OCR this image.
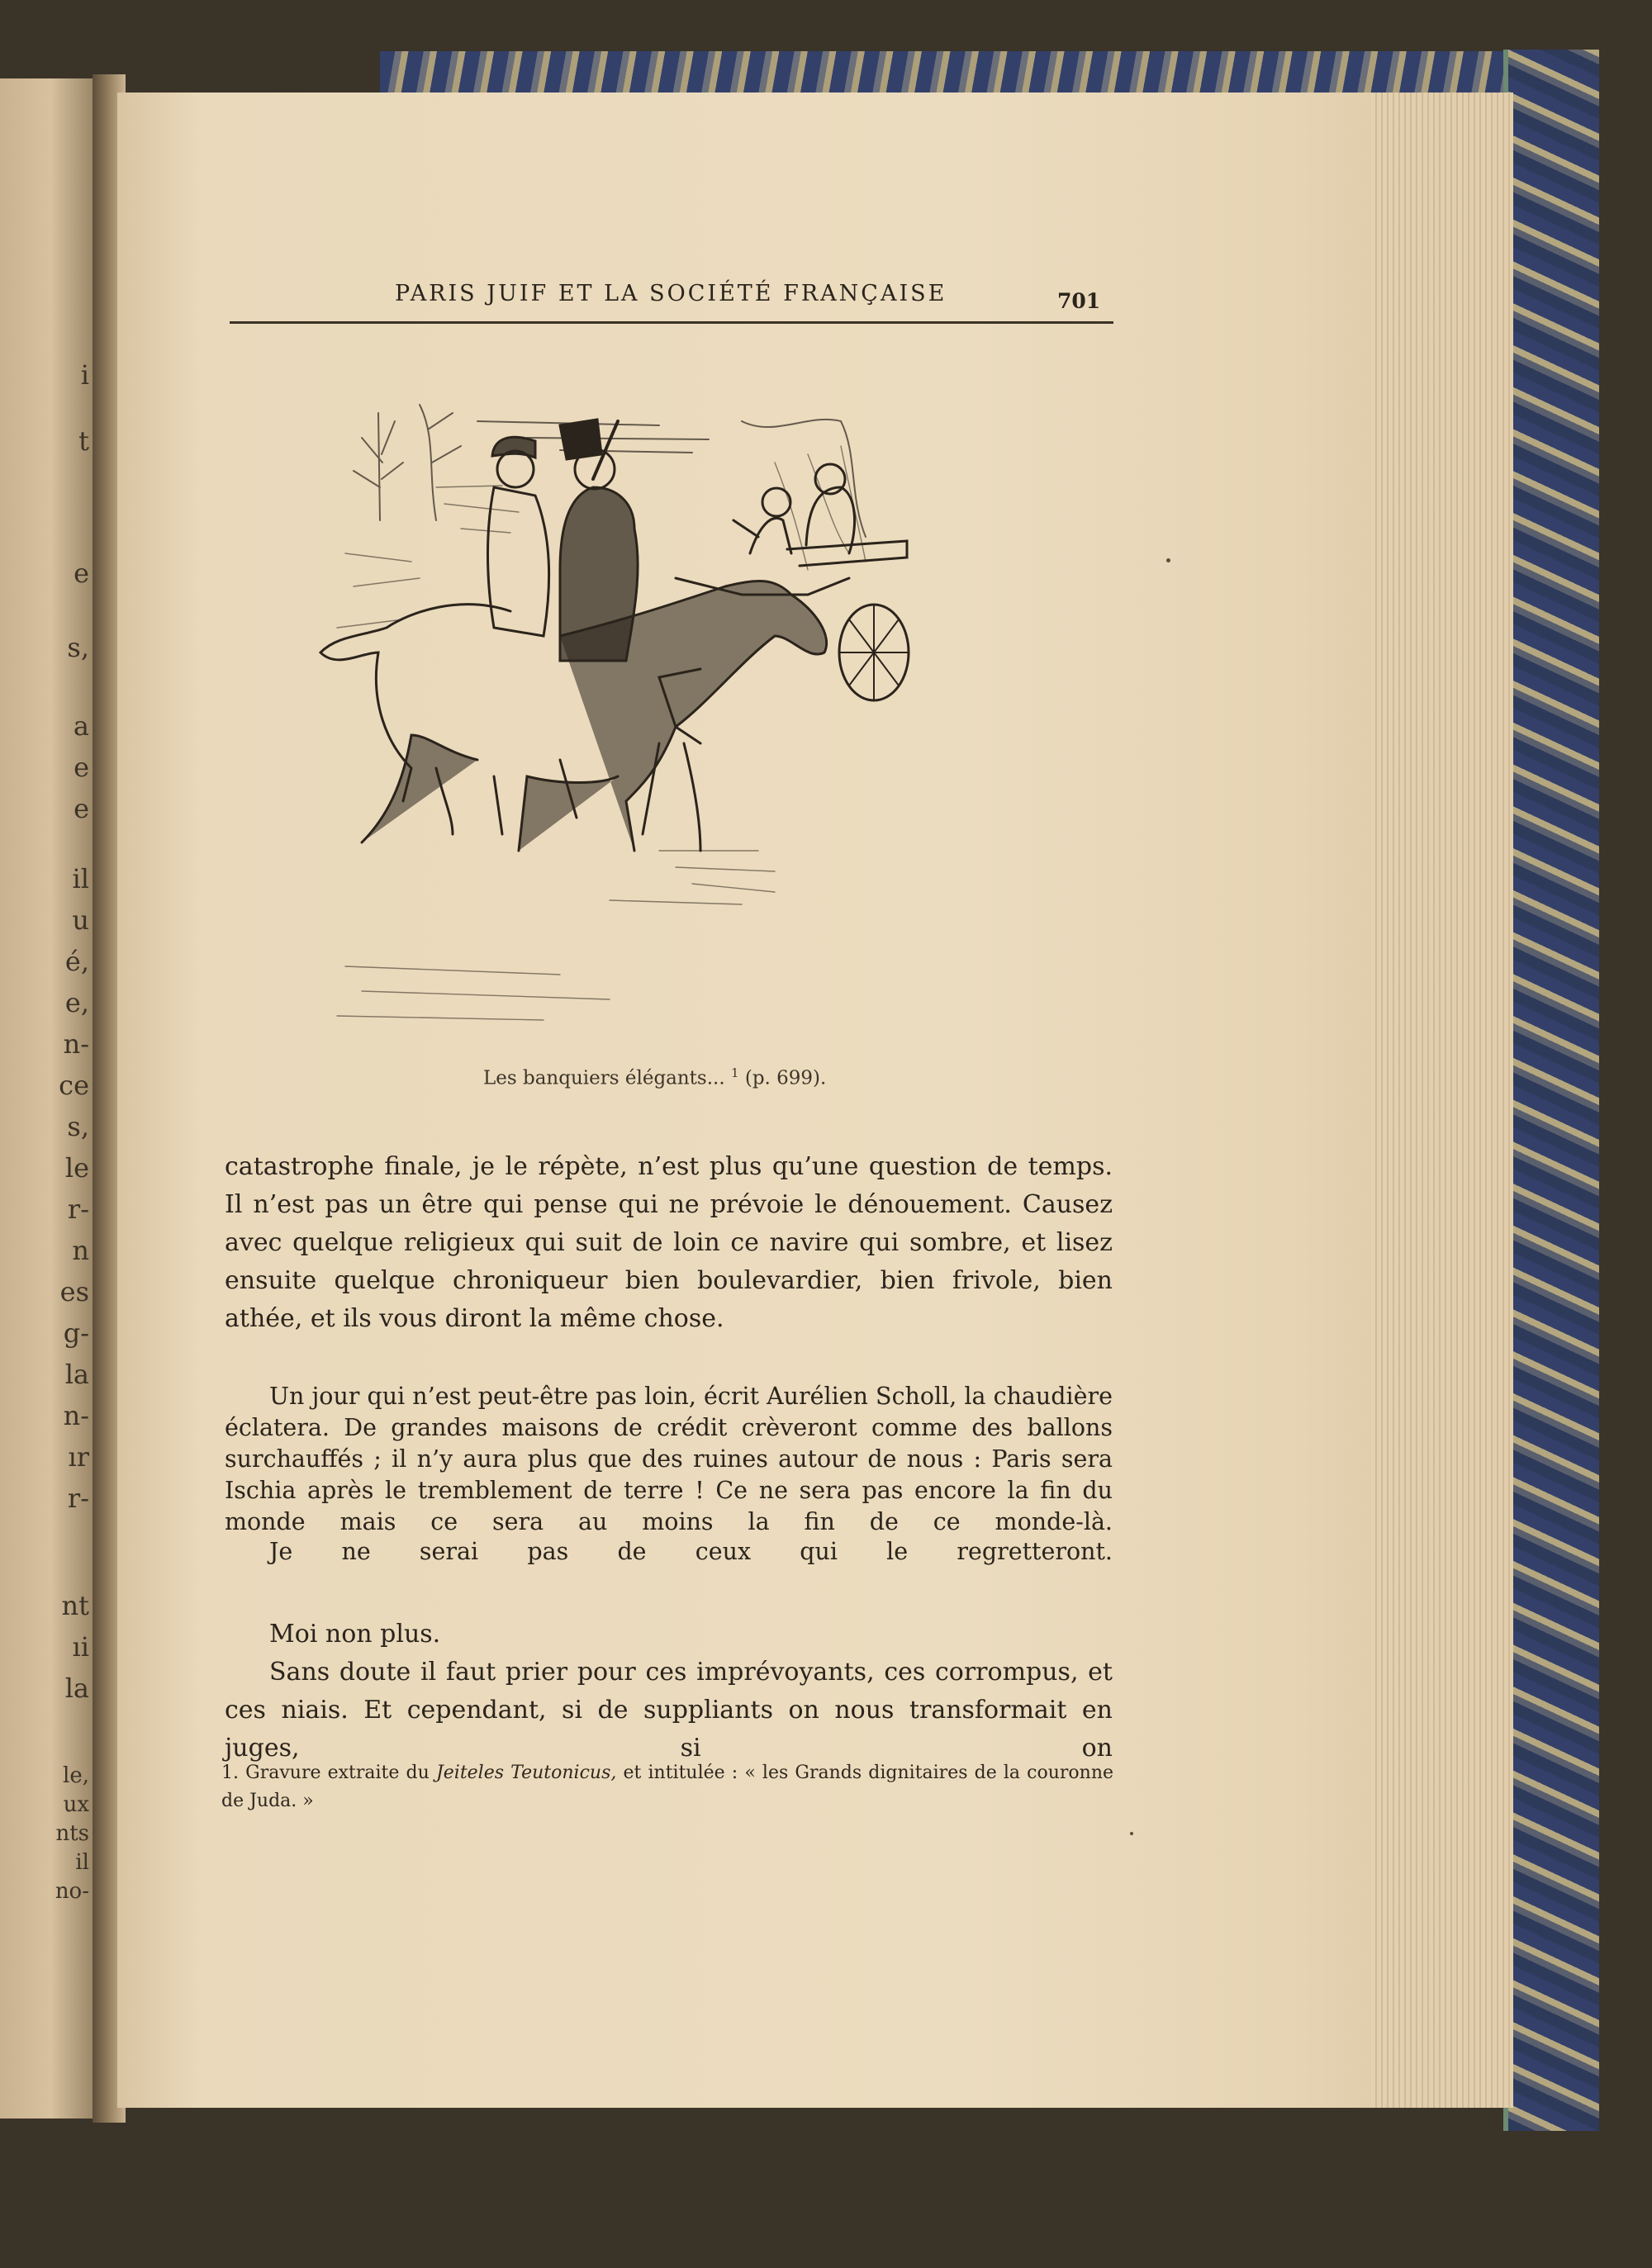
i
t
e
s,
a
e
e
il
u
é,
e,
n-
ce
s,
le
r-
n
es
g-
la
n-
ır
r-
nt
ıi
la
le,
ux
nts
il
no-
PARIS JUIF ET LA SOCIÉTÉ FRANÇAISE	701
Les banquiers élégants... $^1$ (p. 699).
catastrophe finale, je le répète, n’est plus qu’une question de temps. Il n’est pas un être qui pense qui ne prévoie le dénouement. Causez avec quelque religieux qui suit de loin ce navire qui sombre, et lisez ensuite quelque chroniqueur bien boulevardier, bien frivole, bien athée, et ils vous diront la même chose.
Un jour qui n’est peut-être pas loin, écrit Aurélien Scholl, la chaudière éclatera. De grandes maisons de crédit crèveront comme des ballons surchauffés ; il n’y aura plus que des ruines autour de nous : Paris sera Ischia après le tremblement de terre ! Ce ne sera pas encore la fin du monde mais ce sera au moins la fin de ce monde-là.
Je ne serai pas de ceux qui le regretteront.
Moi non plus.
Sans doute il faut prier pour ces imprévoyants, ces corrompus, et ces niais. Et cependant, si de suppliants on nous transformait en juges, si on
1. Gravure extraite du Jeiteles Teutonicus, et intitulée : « les Grands dignitaires de la couronne de Juda. »
